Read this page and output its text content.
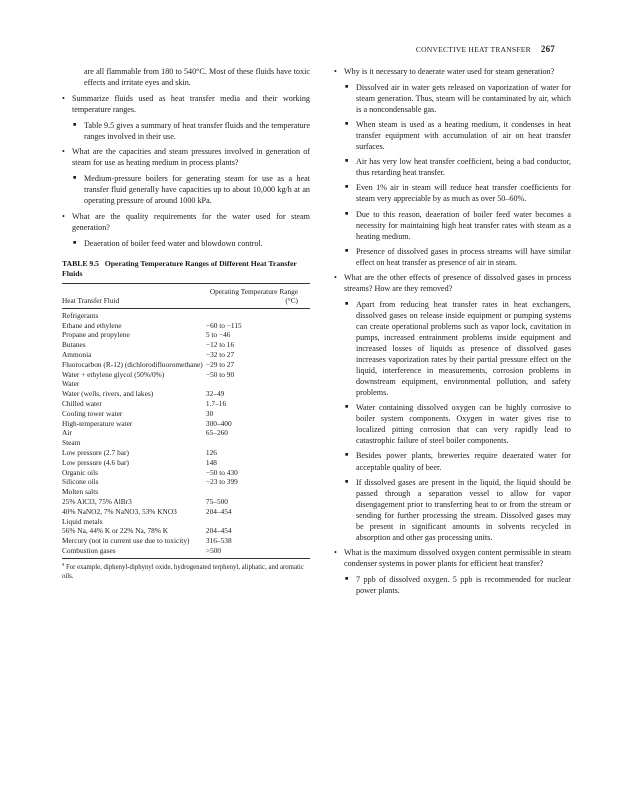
CONVECTIVE HEAT TRANSFER 267

are all flammable from 180 to 540°C. Most of these fluids have toxic effects and irritate eyes and skin.

• Summarize fluids used as heat transfer media and their working temperature ranges.
■ Table 9.5 gives a summary of heat transfer fluids and the temperature ranges involved in their use.
• What are the capacities and steam pressures involved in generation of steam for use as heating medium in process plants?
■ Medium-pressure boilers for generating steam for use as a heat transfer fluid generally have capacities up to about 10,000 kg/h at an operating pressure of around 1000 kPa.
• What are the quality requirements for the water used for steam generation?
■ Deaeration of boiler feed water and blowdown control.
TABLE 9.5 Operating Temperature Ranges of Different Heat Transfer Fluids
Heat Transfer Fluid
Operating Temperature Range (°C)
Refrigerants
Ethane and ethylene	−60 to −115
Propane and propylene	5 to −46
Butanes	−12 to 16
Ammonia	−32 to 27
Fluorocarbon (R-12) (dichlorodifluoromethane) −29 to 27
Water + ethylene glycol (50%/0%)	−50 to 90
Water
Water (wells, rivers, and lakes)	32–49
Chilled water	1.7–16
Cooling tower water	30
High-temperature water	300–400
Air	65–260
Steam
Low pressure (2.7 bar)	126
Low pressure (4.6 bar)	148
Organic oils	−50 to 430
Silicone oils	−23 to 399
Molten salts
25% AlCl3, 75% AlBr3	75–500
40% NaNO2, 7% NaNO3, 53% KNO3	204–454
Liquid metals
56% Na, 44% K or 22% Na, 78% K	204–454
Mercury (not in current use due to toxicity)	316–538
Combustion gases	>500
$^a$ For example, diphenyl-diphynyl oxide, hydrogenated terphenyl, aliphatic, and aromatic oils.
• Why is it necessary to deaerate water used for steam generation?
■ Dissolved air in water gets released on vaporization of water for steam generation. Thus, steam will be contaminated by air, which is a noncondensable gas.
■ When steam is used as a heating medium, it condenses in heat transfer equipment with accumulation of air on heat transfer surfaces.
■ Air has very low heat transfer coefficient, being a bad conductor, thus retarding heat transfer.
■ Even 1% air in steam will reduce heat transfer coefficients for steam very appreciable by as much as over 50–60%.
■ Due to this reason, deaeration of boiler feed water becomes a necessity for maintaining high heat transfer rates with steam as a heating medium.
■ Presence of dissolved gases in process streams will have similar effect on heat transfer as presence of air in steam.
• What are the other effects of presence of dissolved gases in process streams? How are they removed?
■ Apart from reducing heat transfer rates in heat exchangers, dissolved gases on release inside equipment or pumping systems can create operational problems such as vapor lock, cavitation in pumps, increased entrainment problems inside equipment and increased losses of liquids as presence of dissolved gases increases vaporization rates by their partial pressure effect on the liquid, interference in measurements, corrosion problems in downstream equipment, environmental pollution, and safety problems.
■ Water containing dissolved oxygen can be highly corrosive to boiler system components. Oxygen in water gives rise to localized pitting corrosion that can very rapidly lead to catastrophic failure of steel boiler components.
■ Besides power plants, breweries require deaerated water for acceptable quality of beer.
■ If dissolved gases are present in the liquid, the liquid should be passed through a separation vessel to allow for vapor disengagement prior to transferring heat to or from the stream or sending for further processing the stream. Dissolved gases may be present in significant amounts in solvents recycled in absorption and other gas processing units.
• What is the maximum dissolved oxygen content permissible in steam condenser systems in power plants for efficient heat transfer?
■ 7 ppb of dissolved oxygen. 5 ppb is recommended for nuclear power plants.
